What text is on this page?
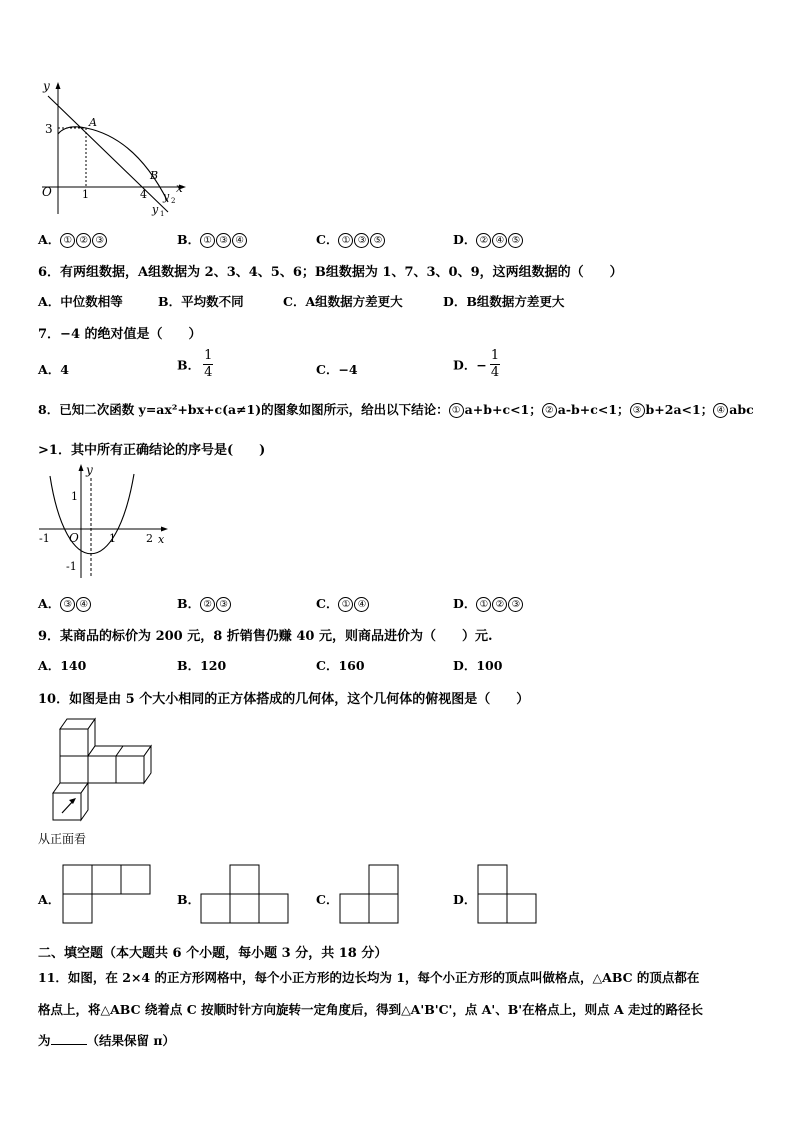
y
x
O
3
1	4
A
B
y 2
y 1
A． ① ② ③	B． ① ③ ④	C． ① ③ ⑤	D． ② ④ ⑤
6．有两组数据，A组数据为 2、3、4、5、6；B组数据为 1、7、3、0、9，这两组数据的（　　）
A．中位数相等	B．平均数不同	C．A组数据方差更大	D．B组数据方差更大
7．−4 的绝对值是（　　）
A．4	B． $\frac{1}{4}$	C．−4	D．− $\frac{1}{4}$
8．已知二次函数 y=ax²+bx+c(a≠1)的图象如图所示，给出以下结论： ① a+b+c<1； ② a-b+c<1； ③ b+2a<1； ④ abc
>1．其中所有正确结论的序号是(　　)
y
x
O
1
-1
1	2
-1
A． ③ ④	B． ② ③	C． ① ④	D． ① ② ③
9．某商品的标价为 200 元，8 折销售仍赚 40 元，则商品进价为（　　）元.
A．140	B．120	C．160	D．100
10．如图是由 5 个大小相同的正方体搭成的几何体，这个几何体的俯视图是（　　）
从正面看
A．	B．	C．	D．
二、填空题（本大题共 6 个小题，每小题 3 分，共 18 分）
11．如图，在 2×4 的正方形网格中，每个小正方形的边长均为 1，每个小正方形的顶点叫做格点，△ABC 的顶点都在
格点上，将△ABC 绕着点 C 按顺时针方向旋转一定角度后，得到△A'B'C'，点 A'、B'在格点上，则点 A 走过的路径长
为	（结果保留 π）
